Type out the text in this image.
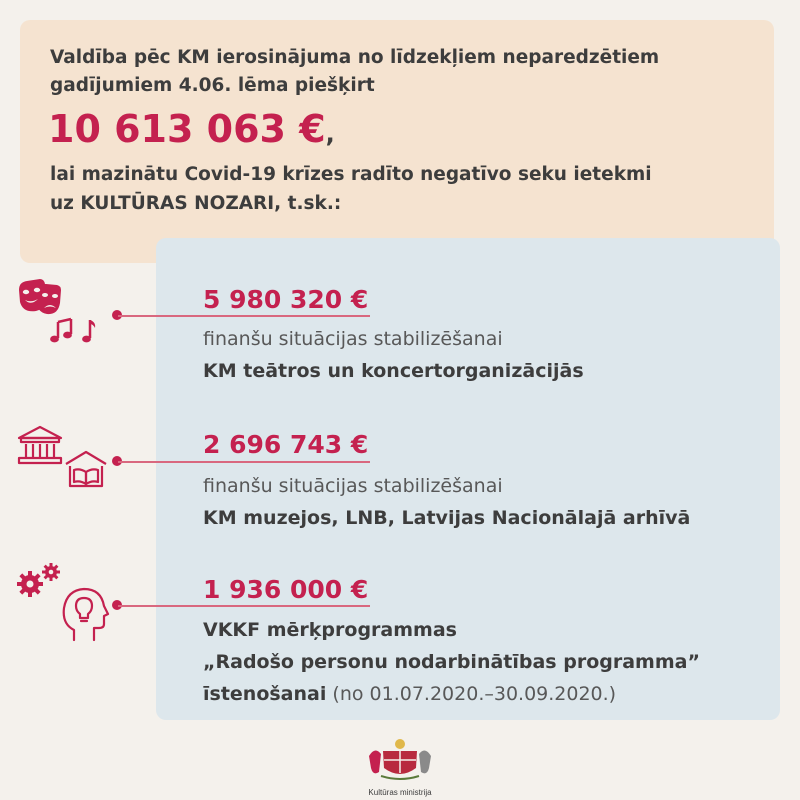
Valdība pēc KM ierosinājuma no līdzekļiem neparedzētiem
gadījumiem 4.06. lēma piešķirt
10 613 063 €,
lai mazinātu Covid-19 krīzes radīto negatīvo seku ietekmi
uz KULTŪRAS NOZARI, t.sk.:
5 980 320 €
finanšu situācijas stabilizēšanai
KM teātros un koncertorganizācijās
2 696 743 €
finanšu situācijas stabilizēšanai
KM muzejos, LNB, Latvijas Nacionālajā arhīvā
1 936 000 €
VKKF mērķprogrammas
„Radošo personu nodarbinātības programma”
īstenošanai (no 01.07.2020.–30.09.2020.)
Kultūras ministrija
